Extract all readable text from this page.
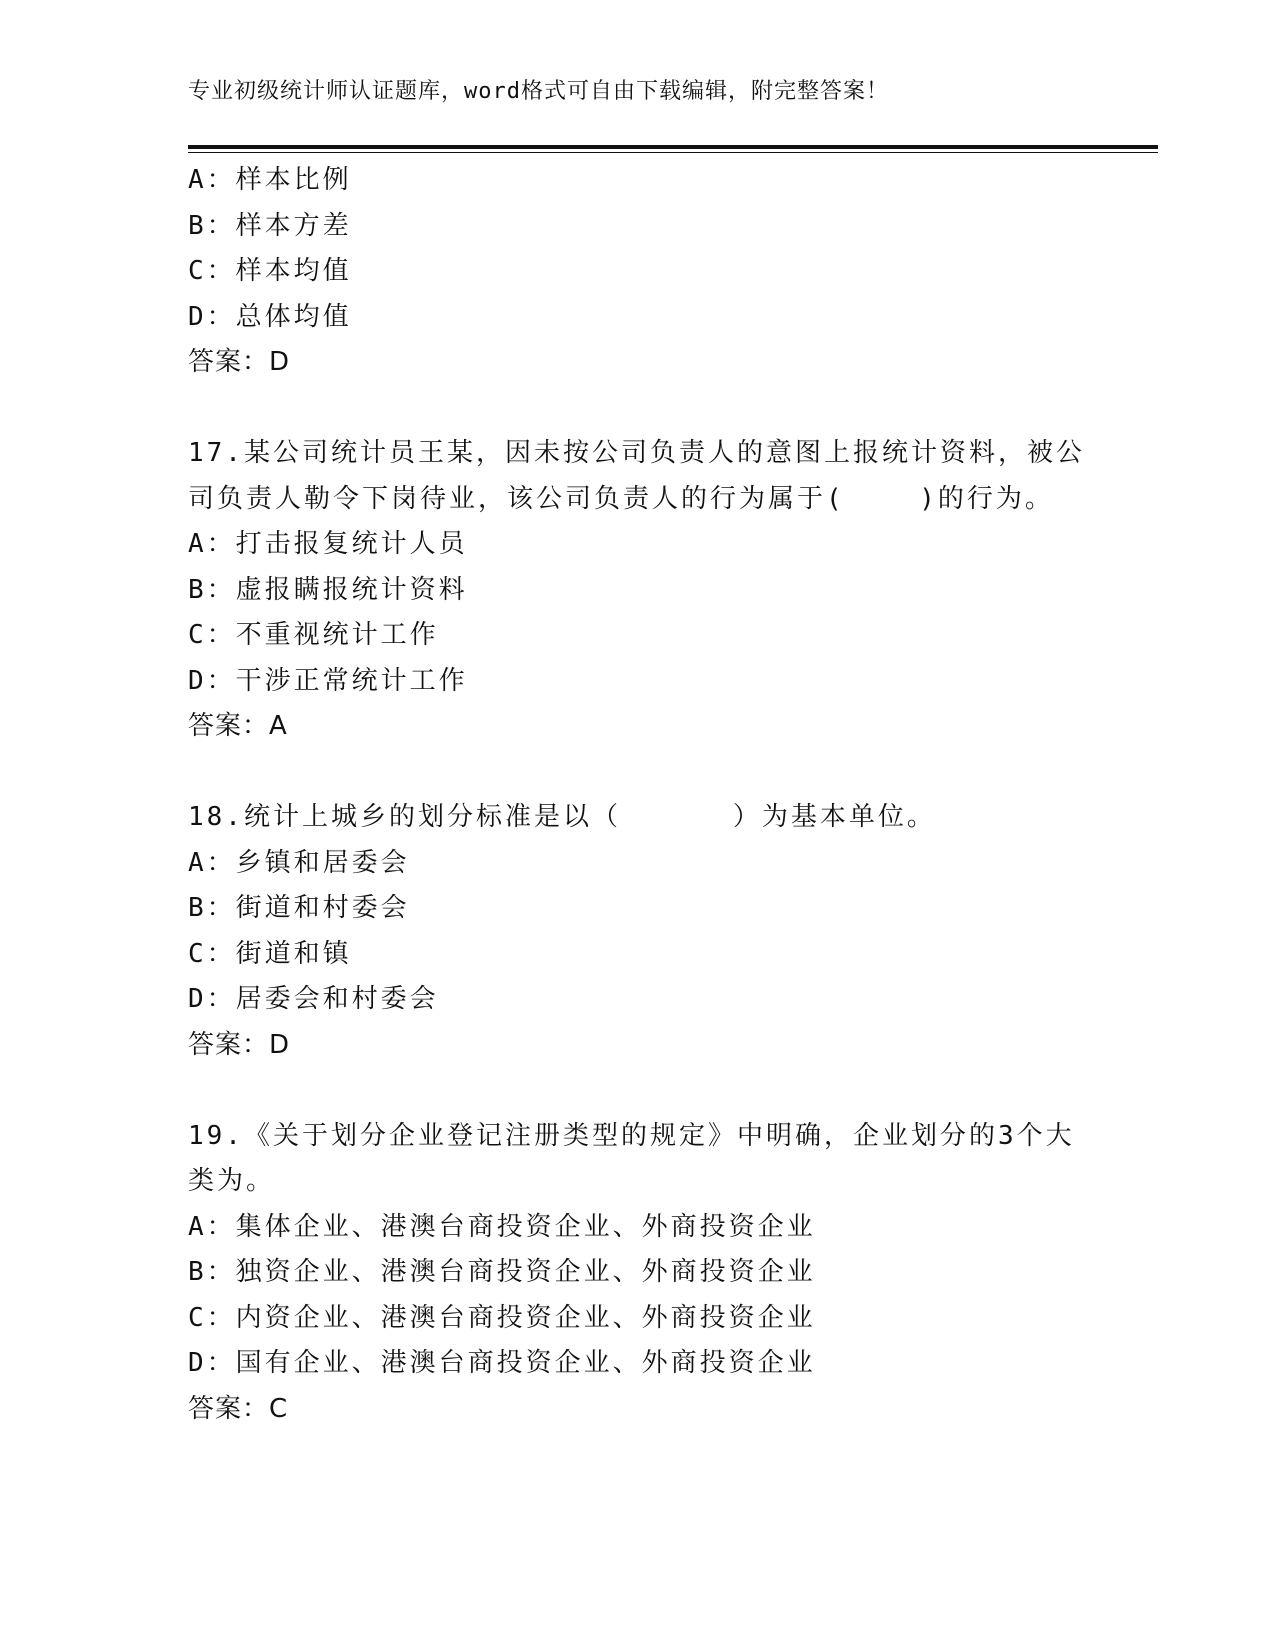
专业初级统计师认证题库，word格式可自由下载编辑，附完整答案！
A：样本比例
B：样本方差
C：样本均值
D：总体均值
答案：D
17.某公司统计员王某，因未按公司负责人的意图上报统计资料，被公
司负责人勒令下岗待业，该公司负责人的行为属于(    )的行为。
A：打击报复统计人员
B：虚报瞒报统计资料
C：不重视统计工作
D：干涉正常统计工作
答案：A
18.统计上城乡的划分标准是以（      ）为基本单位。
A：乡镇和居委会
B：街道和村委会
C：街道和镇
D：居委会和村委会
答案：D
19.《关于划分企业登记注册类型的规定》中明确，企业划分的3个大
类为。
A：集体企业、港澳台商投资企业、外商投资企业
B：独资企业、港澳台商投资企业、外商投资企业
C：内资企业、港澳台商投资企业、外商投资企业
D：国有企业、港澳台商投资企业、外商投资企业
答案：C
